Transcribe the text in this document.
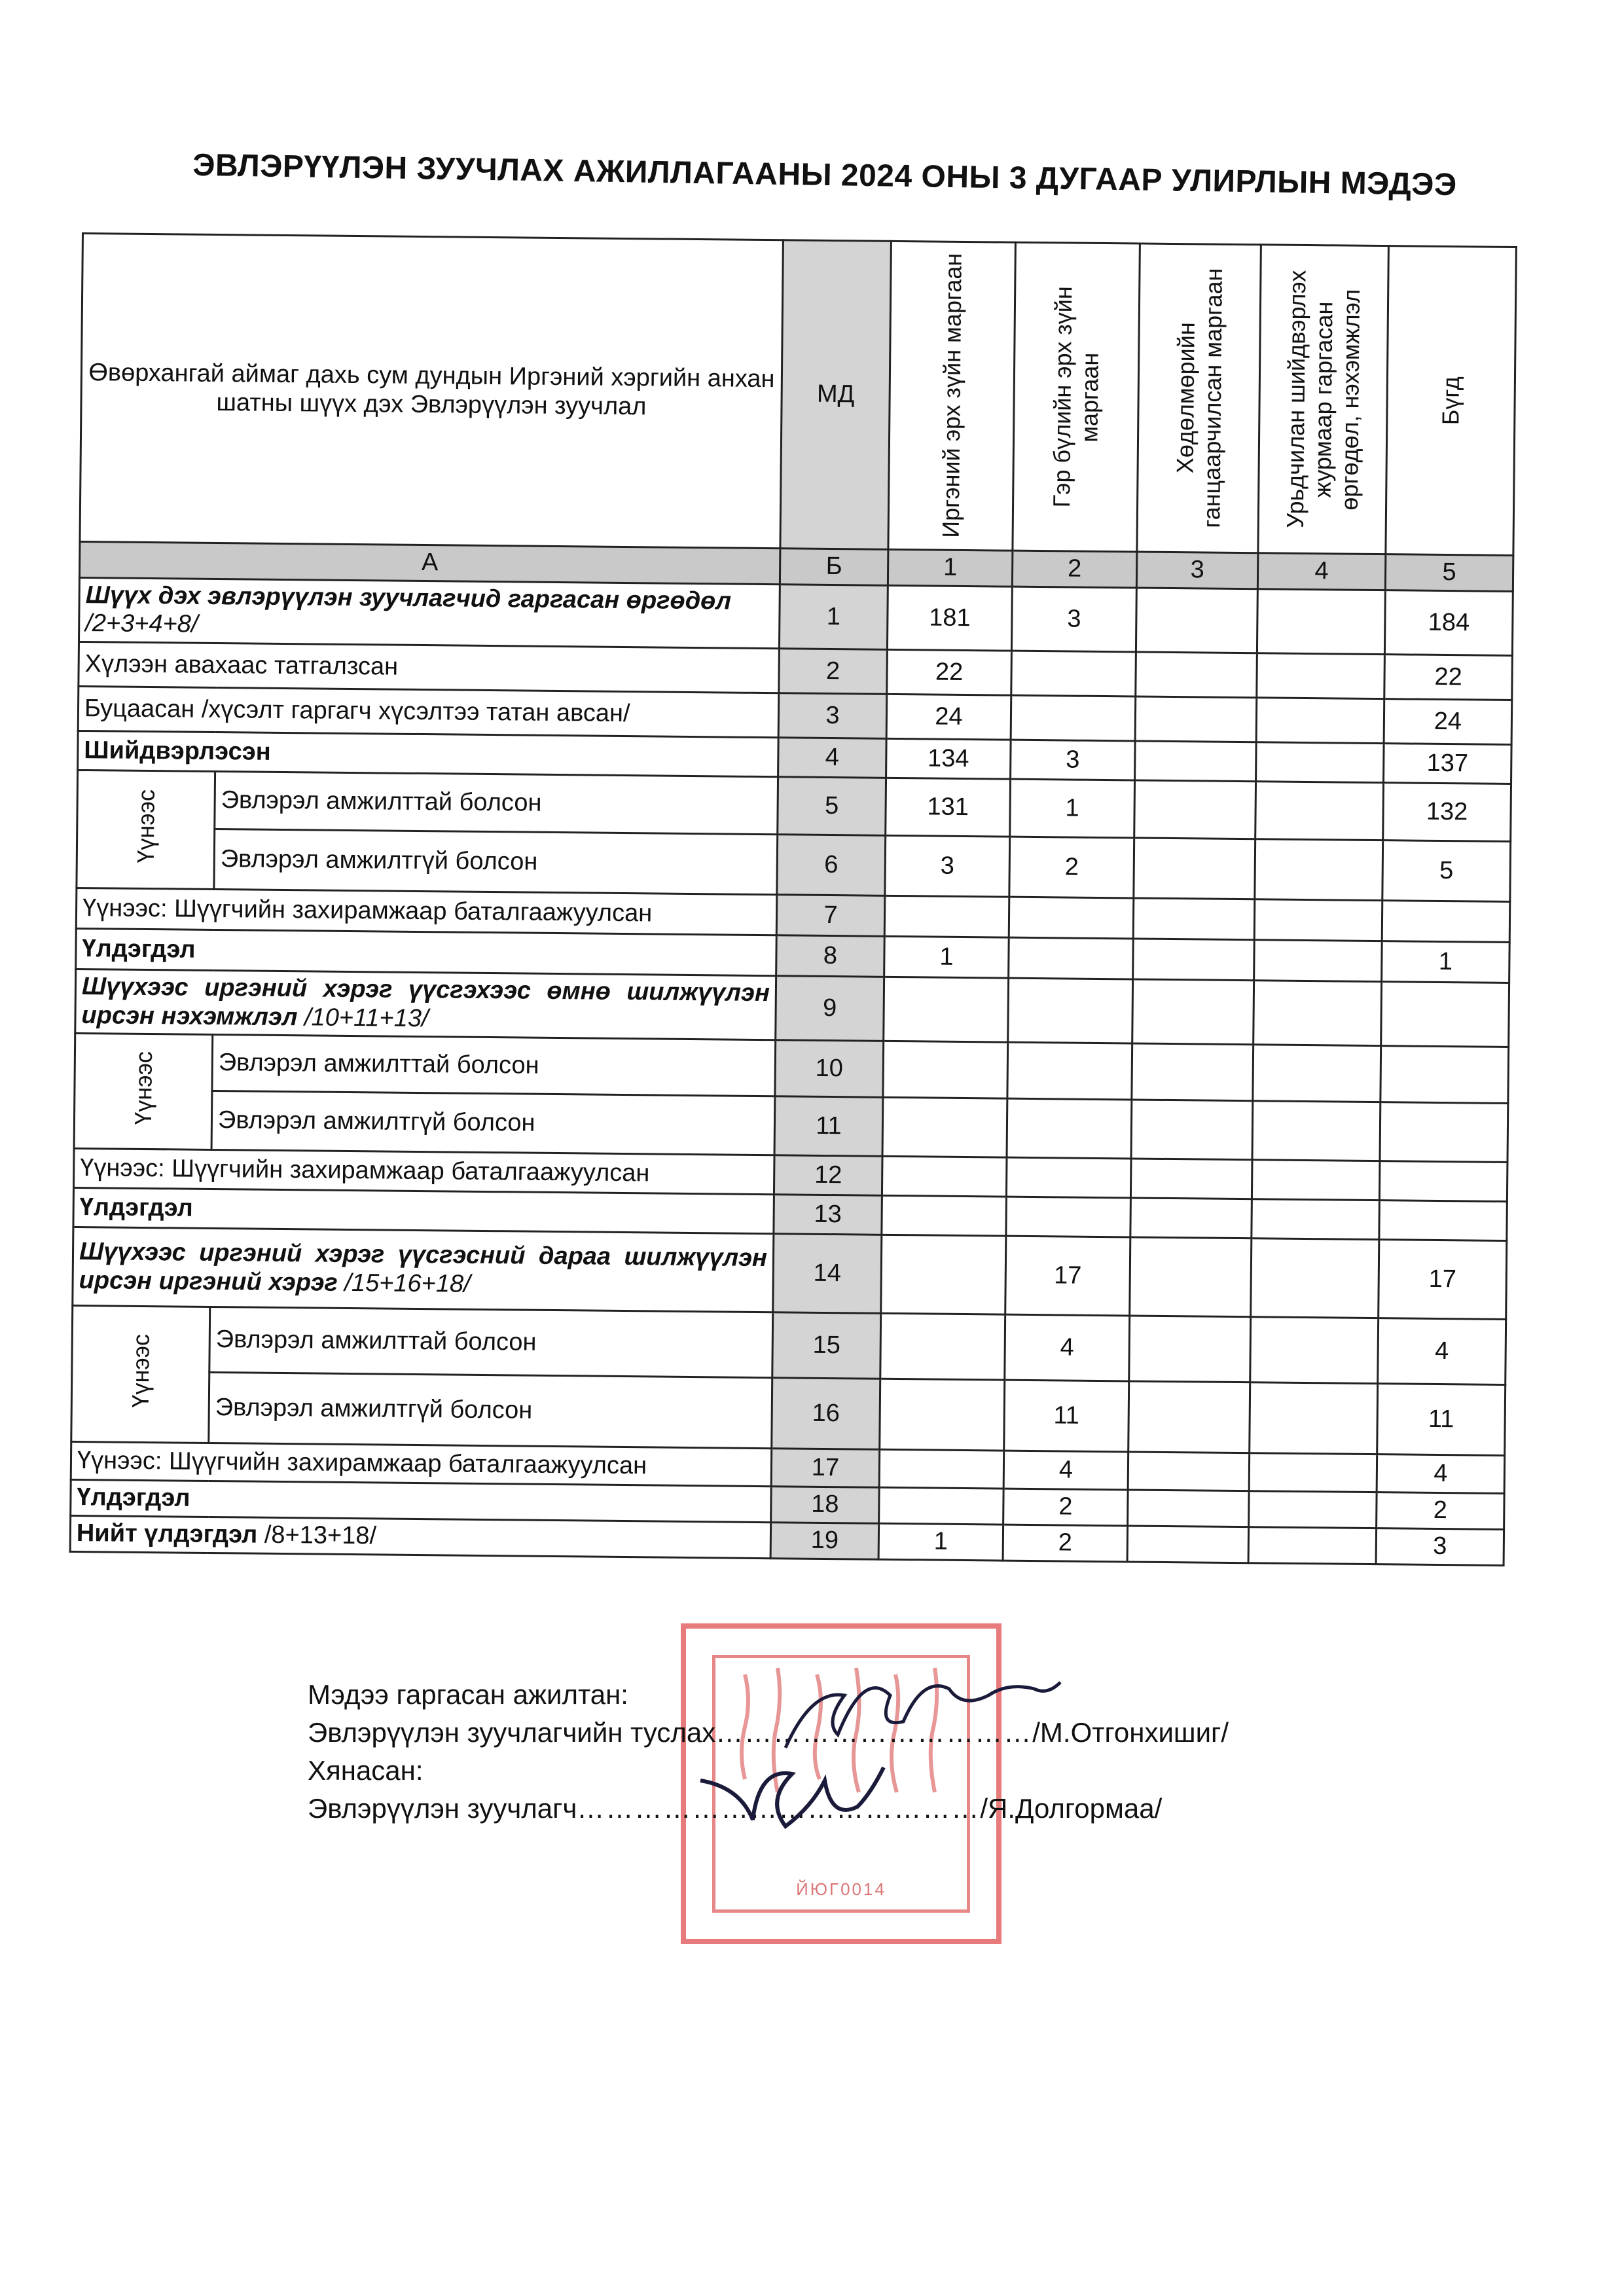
ЭВЛЭРҮҮЛЭН ЗУУЧЛАХ АЖИЛЛАГААНЫ 2024 ОНЫ 3 ДУГААР УЛИРЛЫН МЭДЭЭ
Өвөрхангай аймаг дахь сум дундын Иргэний хэргийн анхан шатны шүүх дэх Эвлэрүүлэн зуучлал		МД	Иргэний эрх зүйн маргаан	Гэр бүлийн эрх зүйн маргаан	Хөдөлмөрийн ганцаарчилсан маргаан	Урьдчилан шийдвэрлэх журмаар гаргасан өргөдөл, нэхэмжлэл	Бүгд

А		Б	1	2	3	4	5
Шүүх дэх эвлэрүүлэн зуучлагчид гаргасан өргөдөл /2+3+4+8/		1	181	3			184
Хүлээн авахаас татгалзсан		2	22				22
Буцаасан /хүсэлт гаргагч хүсэлтээ татан авсан/		3	24				24
Шийдвэрлэсэн		4	134	3			137
Үүнээс	Эвлэрэл амжилттай болсон	5	131	1			132
	Эвлэрэл амжилтгүй болсон	6	3	2			5
Үүнээс: Шүүгчийн захирамжаар баталгаажуулсан		7					
Үлдэгдэл		8	1				1
Шүүхээс иргэний хэрэг үүсгэхээс өмнө шилжүүлэн ирсэн нэхэмжлэл /10+11+13/		9					
Үүнээс	Эвлэрэл амжилттай болсон	10					
	Эвлэрэл амжилтгүй болсон	11					
Үүнээс: Шүүгчийн захирамжаар баталгаажуулсан		12					
Үлдэгдэл		13					
Шүүхээс иргэний хэрэг үүсгэсний дараа шилжүүлэн ирсэн иргэний хэрэг /15+16+18/		14		17			17
Үүнээс	Эвлэрэл амжилттай болсон	15		4			4
	Эвлэрэл амжилтгүй болсон	16		11			11
Үүнээс: Шүүгчийн захирамжаар баталгаажуулсан		17		4			4
Үлдэгдэл		18		2			2
Нийт үлдэгдэл /8+13+18/		19	1	2			3
ЙЮГ0014
Мэдээ гаргасан ажилтан:
Эвлэрүүлэн зуучлагчийн туслах……………………………/М.Отгонхишиг/
Хянасан:
Эвлэрүүлэн зуучлагч……………………………………/Я.Долгормаа/
